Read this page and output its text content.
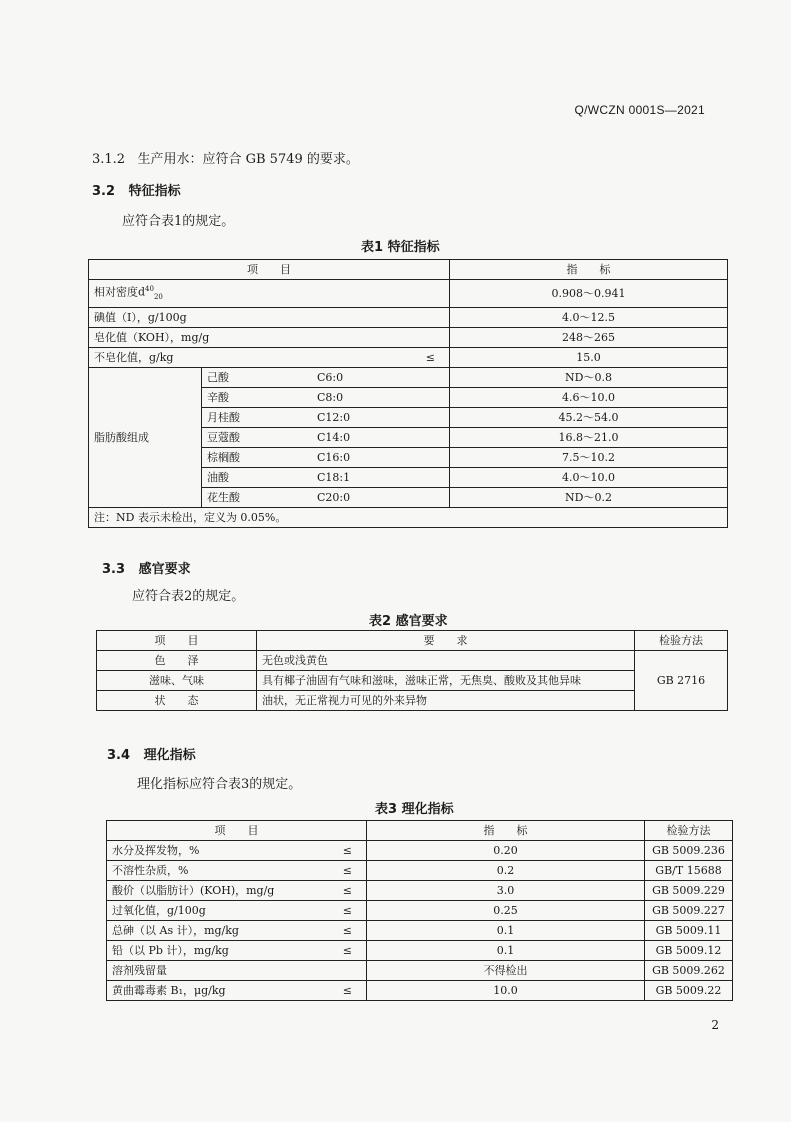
Q/WCZN 0001S—2021
3.1.2 生产用水：应符合 GB 5749 的要求。
3.2 特征指标
应符合表1的规定。
表1 特征指标
项　　目		指　　标
相对密度$d^{40}_{20}$		0.908～0.941
碘值（I），g/100g		4.0～12.5
皂化值（KOH），mg/g		248～265
不皂化值，g/kg ≤		15.0
脂肪酸组成	己酸 C6:0	ND～0.8
	辛酸 C8:0	4.6～10.0
	月桂酸 C12:0	45.2～54.0
	豆蔻酸 C14:0	16.8～21.0
	棕榈酸 C16:0	7.5～10.2
	油酸 C18:1	4.0～10.0
	花生酸 C20:0	ND～0.2
注：ND 表示未检出，定义为 0.05%。		
3.3 感官要求
应符合表2的规定。
表2 感官要求
项　　目	要　　求	检验方法
色　　泽	无色或浅黄色	GB 2716
滋味、气味	具有椰子油固有气味和滋味，滋味正常，无焦臭、酸败及其他异味	
状　　态	油状，无正常视力可见的外来异物	
3.4 理化指标
理化指标应符合表3的规定。
表3 理化指标
项　　目	指　　标	检验方法
水分及挥发物，% ≤	0.20	GB 5009.236
不溶性杂质，% ≤	0.2	GB/T 15688
酸价（以脂肪计）(KOH)，mg/g ≤	3.0	GB 5009.229
过氧化值，g/100g ≤	0.25	GB 5009.227
总砷（以 As 计），mg/kg ≤	0.1	GB 5009.11
铅（以 Pb 计），mg/kg ≤	0.1	GB 5009.12
溶剂残留量	不得检出	GB 5009.262
黄曲霉毒素 B₁，μg/kg ≤	10.0	GB 5009.22
2
